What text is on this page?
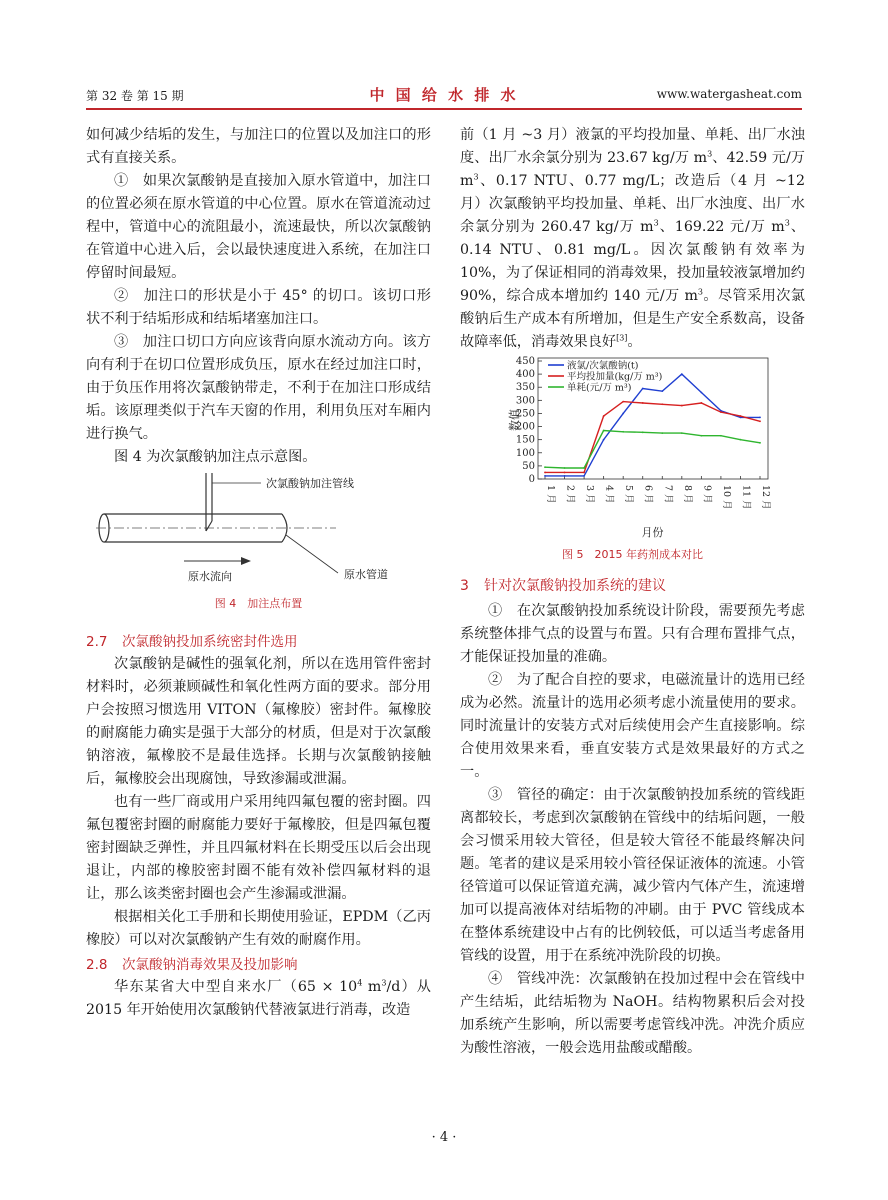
第 32 卷 第 15 期	中 国 给 水 排 水	www.watergasheat.com

如何减少结垢的发生，与加注口的位置以及加注口的形式有直接关系。

①　如果次氯酸钠是直接加入原水管道中，加注口的位置必须在原水管道的中心位置。原水在管道流动过程中，管道中心的流阻最小，流速最快，所以次氯酸钠在管道中心进入后，会以最快速度进入系统，在加注口停留时间最短。

②　加注口的形状是小于 45° 的切口。该切口形状不利于结垢形成和结垢堵塞加注口。

③　加注口切口方向应该背向原水流动方向。该方向有利于在切口位置形成负压，原水在经过加注口时，由于负压作用将次氯酸钠带走，不利于在加注口形成结垢。该原理类似于汽车天窗的作用，利用负压对车厢内进行换气。

图 4 为次氯酸钠加注点示意图。

次氯酸钠加注管线
原水流向	原水管道

图 4　加注点布置

2.7 次氯酸钠投加系统密封件选用

次氯酸钠是碱性的强氧化剂，所以在选用管件密封材料时，必须兼顾碱性和氧化性两方面的要求。部分用户会按照习惯选用 VITON（氟橡胶）密封件。氟橡胶的耐腐能力确实是强于大部分的材质，但是对于次氯酸钠溶液，氟橡胶不是最佳选择。长期与次氯酸钠接触后，氟橡胶会出现腐蚀，导致渗漏或泄漏。

也有一些厂商或用户采用纯四氟包覆的密封圈。四氟包覆密封圈的耐腐能力要好于氟橡胶，但是四氟包覆密封圈缺乏弹性，并且四氟材料在长期受压以后会出现退让，内部的橡胶密封圈不能有效补偿四氟材料的退让，那么该类密封圈也会产生渗漏或泄漏。

根据相关化工手册和长期使用验证，EPDM（乙丙橡胶）可以对次氯酸钠产生有效的耐腐作用。

2.8 次氯酸钠消毒效果及投加影响

华东某省大中型自来水厂（$65 \times 10^4$ $m^3/d$）从 2015 年开始使用次氯酸钠代替液氯进行消毒，改造

前（1 月 ~3 月）液氯的平均投加量、单耗、出厂水浊度、出厂水余氯分别为 23.67 kg/万 $m^3$、42.59 元/万 $m^3$、0.17 NTU、0.77 mg/L；改造后（4 月 ~12 月）次氯酸钠平均投加量、单耗、出厂水浊度、出厂水余氯分别为 260.47 kg/万 $m^3$、169.22 元/万 $m^3$、0.14 NTU、0.81 mg/L。因次氯酸钠有效率为 10%，为了保证相同的消毒效果，投加量较液氯增加约 90%，综合成本增加约 140 元/万 $m^3$。尽管采用次氯酸钠后生产成本有所增加，但是生产安全系数高，设备故障率低，消毒效果良好[3]。

0
50
100
150
200
250
300
350
400
450
数值
1 月 2 月 3 月 4 月 5 月 6 月 7 月 8 月 9 月 10 月 11 月 12 月
月份
液氯/次氯酸钠(t)
平均投加量(kg/万 m³)
单耗(元/万 m³)

图 5　2015 年药剂成本对比

3 针对次氯酸钠投加系统的建议

①　在次氯酸钠投加系统设计阶段，需要预先考虑系统整体排气点的设置与布置。只有合理布置排气点，才能保证投加量的准确。

②　为了配合自控的要求，电磁流量计的选用已经成为必然。流量计的选用必须考虑小流量使用的要求。同时流量计的安装方式对后续使用会产生直接影响。综合使用效果来看，垂直安装方式是效果最好的方式之一。

③　管径的确定：由于次氯酸钠投加系统的管线距离都较长，考虑到次氯酸钠在管线中的结垢问题，一般会习惯采用较大管径，但是较大管径不能最终解决问题。笔者的建议是采用较小管径保证液体的流速。小管径管道可以保证管道充满，减少管内气体产生，流速增加可以提高液体对结垢物的冲刷。由于 PVC 管线成本在整体系统建设中占有的比例较低，可以适当考虑备用管线的设置，用于在系统冲洗阶段的切换。

④　管线冲洗：次氯酸钠在投加过程中会在管线中产生结垢，此结垢物为 NaOH。结构物累积后会对投加系统产生影响，所以需要考虑管线冲洗。冲洗介质应为酸性溶液，一般会选用盐酸或醋酸。

· 4 ·
